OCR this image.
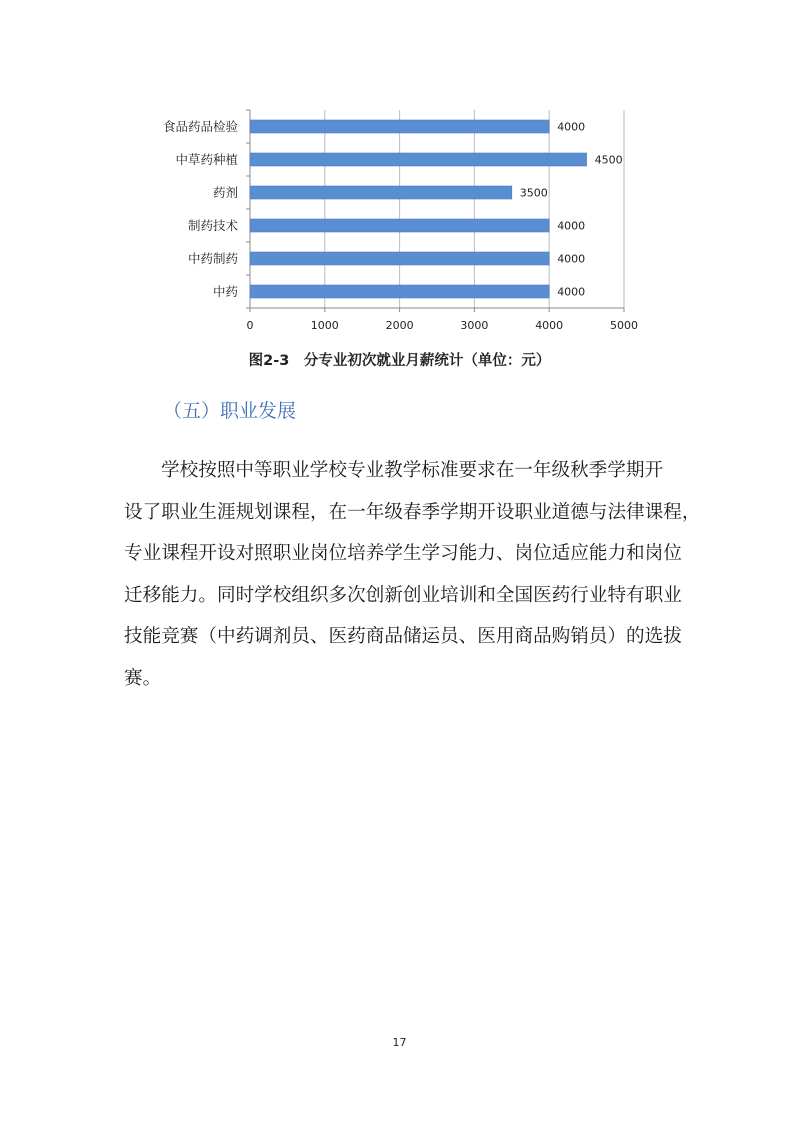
食品药品检验
中草药种植
药剂
制药技术
中药制药
中药
4000
4500
3500
4000
4000
4000
0	1000	2000	3000	4000	5000
图2-3　分专业初次就业月薪统计（单位：元）
（五）职业发展
学校按照中等职业学校专业教学标准要求在一年级秋季学期开
设了职业生涯规划课程，在一年级春季学期开设职业道德与法律课程，
专业课程开设对照职业岗位培养学生学习能力、岗位适应能力和岗位
迁移能力。同时学校组织多次创新创业培训和全国医药行业特有职业
技能竞赛（中药调剂员、医药商品储运员、医用商品购销员）的选拔
赛。
17
